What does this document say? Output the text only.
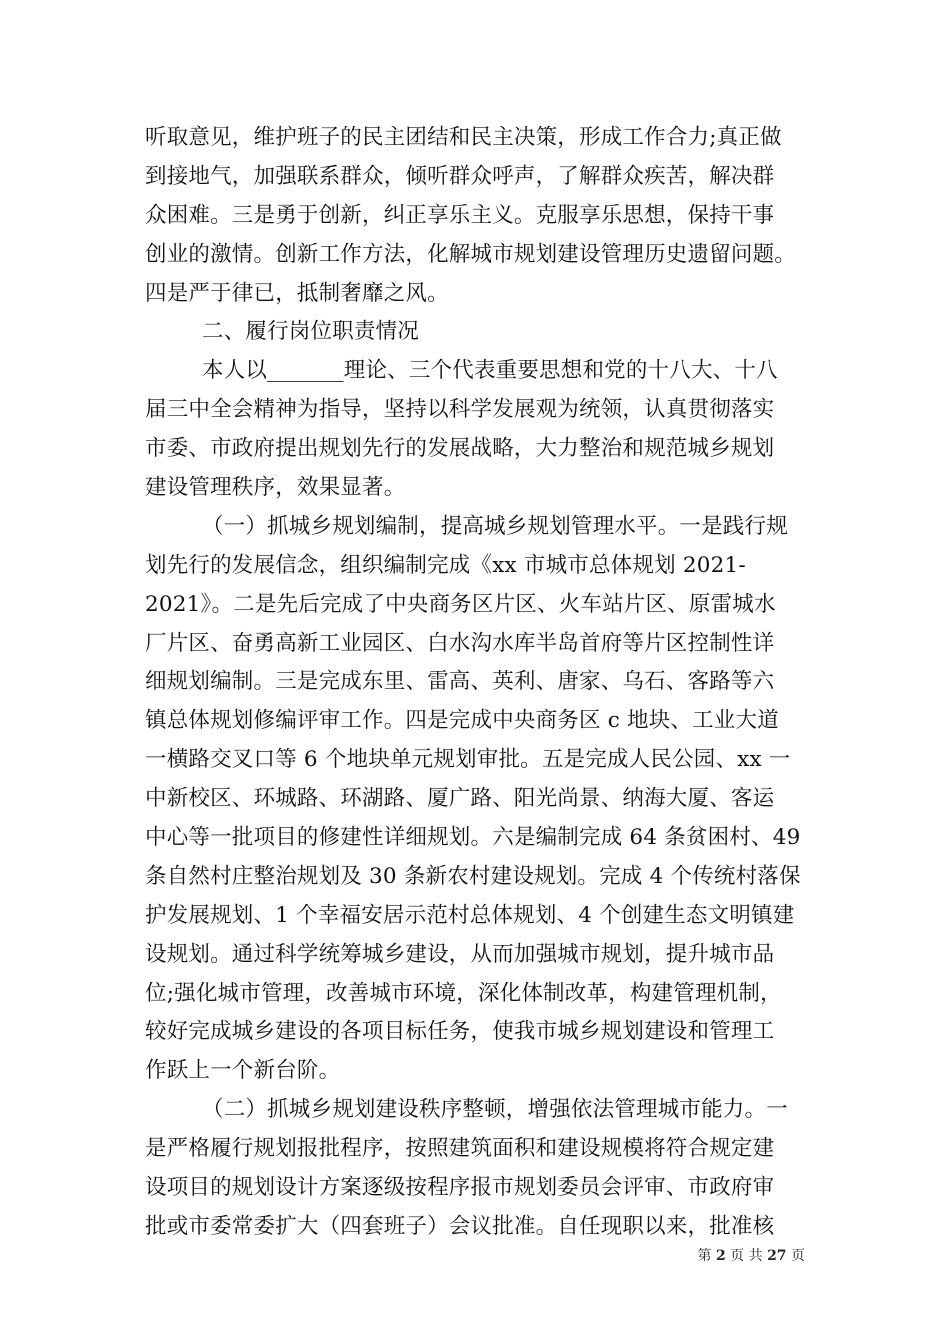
听取意见，维护班子的民主团结和民主决策，形成工作合力;真正做
到接地气，加强联系群众，倾听群众呼声，了解群众疾苦，解决群
众困难。三是勇于创新，纠正享乐主义。克服享乐思想，保持干事
创业的激情。创新工作方法，化解城市规划建设管理历史遗留问题。
四是严于律已，抵制奢靡之风。
二、履行岗位职责情况
本人以_______理论、三个代表重要思想和党的十八大、十八
届三中全会精神为指导，坚持以科学发展观为统领，认真贯彻落实
市委、市政府提出规划先行的发展战略，大力整治和规范城乡规划
建设管理秩序，效果显著。
（一）抓城乡规划编制，提高城乡规划管理水平。一是践行规
划先行的发展信念，组织编制完成《xx 市城市总体规划 2021-
2021》。二是先后完成了中央商务区片区、火车站片区、原雷城水
厂片区、奋勇高新工业园区、白水沟水库半岛首府等片区控制性详
细规划编制。三是完成东里、雷高、英利、唐家、乌石、客路等六
镇总体规划修编评审工作。四是完成中央商务区 c 地块、工业大道
一横路交叉口等 6 个地块单元规划审批。五是完成人民公园、xx 一
中新校区、环城路、环湖路、厦广路、阳光尚景、纳海大厦、客运
中心等一批项目的修建性详细规划。六是编制完成 64 条贫困村、49
条自然村庄整治规划及 30 条新农村建设规划。完成 4 个传统村落保
护发展规划、1 个幸福安居示范村总体规划、4 个创建生态文明镇建
设规划。通过科学统筹城乡建设，从而加强城市规划，提升城市品
位;强化城市管理，改善城市环境，深化体制改革，构建管理机制，
较好完成城乡建设的各项目标任务，使我市城乡规划建设和管理工
作跃上一个新台阶。
（二）抓城乡规划建设秩序整顿，增强依法管理城市能力。一
是严格履行规划报批程序，按照建筑面积和建设规模将符合规定建
设项目的规划设计方案逐级按程序报市规划委员会评审、市政府审
批或市委常委扩大（四套班子）会议批准。自任现职以来，批准核
第 2 页 共 27 页
